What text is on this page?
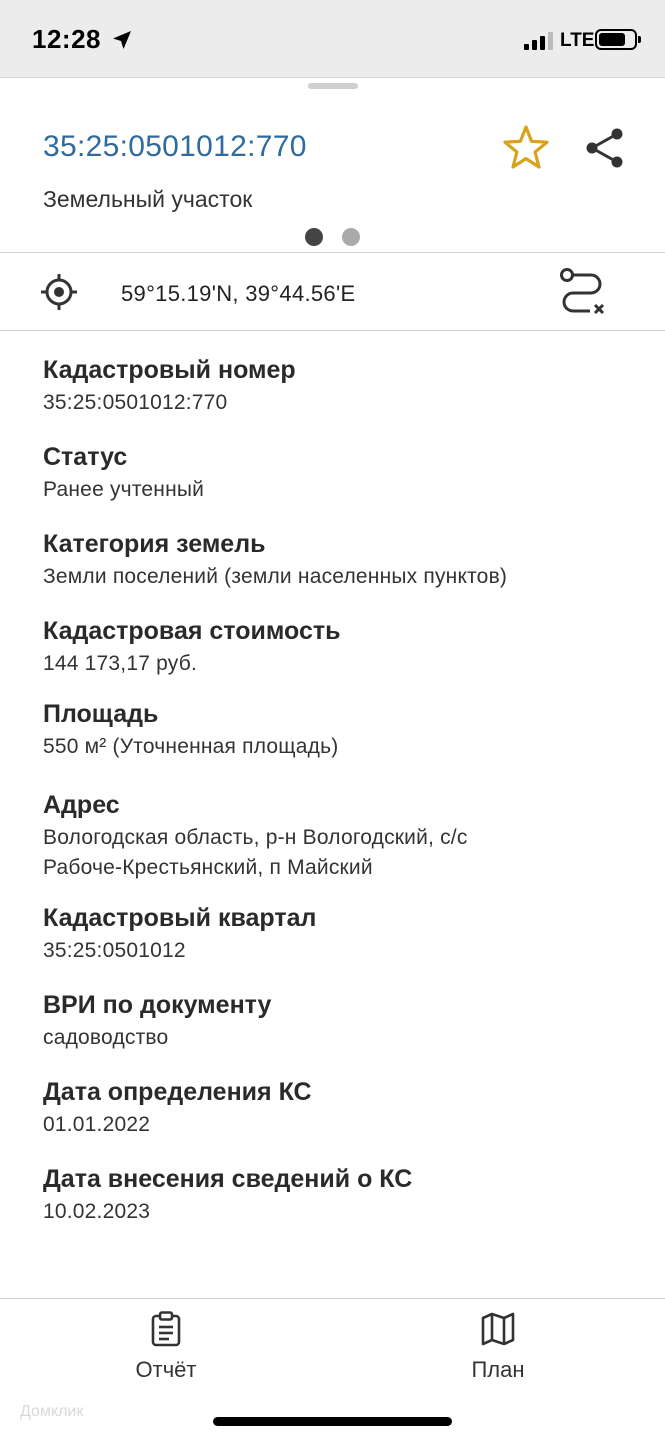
12:28	LTE
35:25:0501012:770
Земельный участок
59°15.19'N, 39°44.56'E
Кадастровый номер
35:25:0501012:770
Статус
Ранее учтенный
Категория земель
Земли поселений (земли населенных пунктов)
Кадастровая стоимость
144 173,17 руб.
Площадь
550 м² (Уточненная площадь)
Адрес
Вологодская область, р-н Вологодский, с/с
Рабоче-Крестьянский, п Майский
Кадастровый квартал
35:25:0501012
ВРИ по документу
садоводство
Дата определения КС
01.01.2022
Дата внесения сведений о КС
10.02.2023
Отчёт	План
Домклик
